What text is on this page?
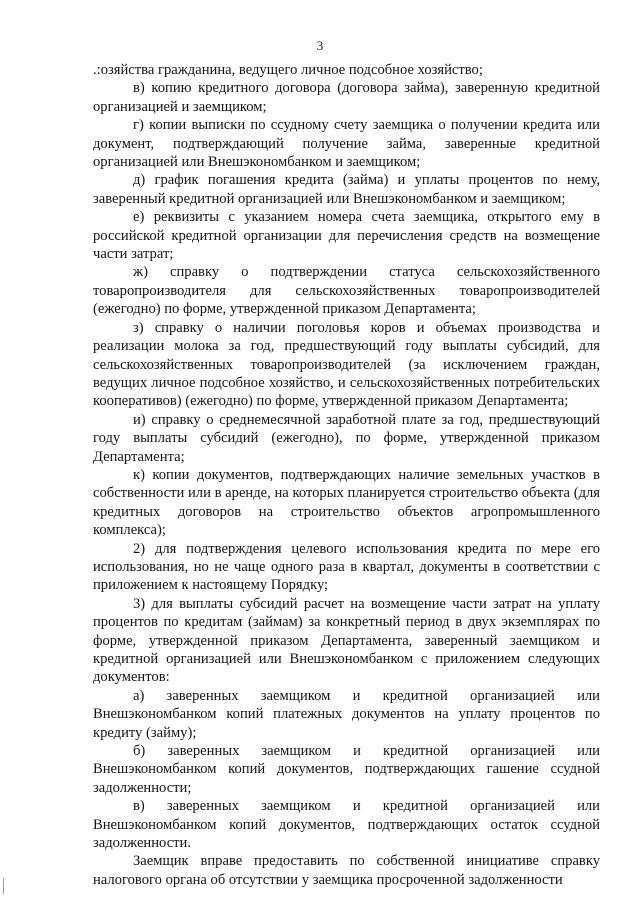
3

.:озяйства гражданина, ведущего личное подсобное хозяйство;

в) копию кредитного договора (договора займа), заверенную кредитной организацией и заемщиком;

г) копии выписки по ссудному счету заемщика о получении кредита или документ, подтверждающий получение займа, заверенные кредитной организацией или Внешэкономбанком и заемщиком;

д) график погашения кредита (займа) и уплаты процентов по нему, заверенный кредитной организацией или Внешэкономбанком и заемщиком;

е) реквизиты с указанием номера счета заемщика, открытого ему в российской кредитной организации для перечисления средств на возмещение части затрат;

ж) справку о подтверждении статуса сельскохозяйственного товаропроизводителя для сельскохозяйственных товаропроизводителей (ежегодно) по форме, утвержденной приказом Департамента;

з) справку о наличии поголовья коров и объемах производства и реализации молока за год, предшествующий году выплаты субсидий, для сельскохозяйственных товаропроизводителей (за исключением граждан, ведущих личное подсобное хозяйство, и сельскохозяйственных потребительских кооперативов) (ежегодно) по форме, утвержденной приказом Департамента;

и) справку о среднемесячной заработной плате за год, предшествующий году выплаты субсидий (ежегодно), по форме, утвержденной приказом Департамента;

к) копии документов, подтверждающих наличие земельных участков в собственности или в аренде, на которых планируется строительство объекта (для кредитных договоров на строительство объектов агропромышленного комплекса);

2) для подтверждения целевого использования кредита по мере его использования, но не чаще одного раза в квартал, документы в соответствии с приложением к настоящему Порядку;

3) для выплаты субсидий расчет на возмещение части затрат на уплату процентов по кредитам (займам) за конкретный период в двух экземплярах по форме, утвержденной приказом Департамента, заверенный заемщиком и кредитной организацией или Внешэкономбанком с приложением следующих документов:

а) заверенных заемщиком и кредитной организацией или Внешэкономбанком копий платежных документов на уплату процентов по кредиту (займу);

б) заверенных заемщиком и кредитной организацией или Внешэкономбанком копий документов, подтверждающих гашение ссудной задолженности;

в) заверенных заемщиком и кредитной организацией или Внешэкономбанком копий документов, подтверждающих остаток ссудной задолженности.

Заемщик вправе предоставить по собственной инициативе справку налогового органа об отсутствии у заемщика просроченной задолженности
